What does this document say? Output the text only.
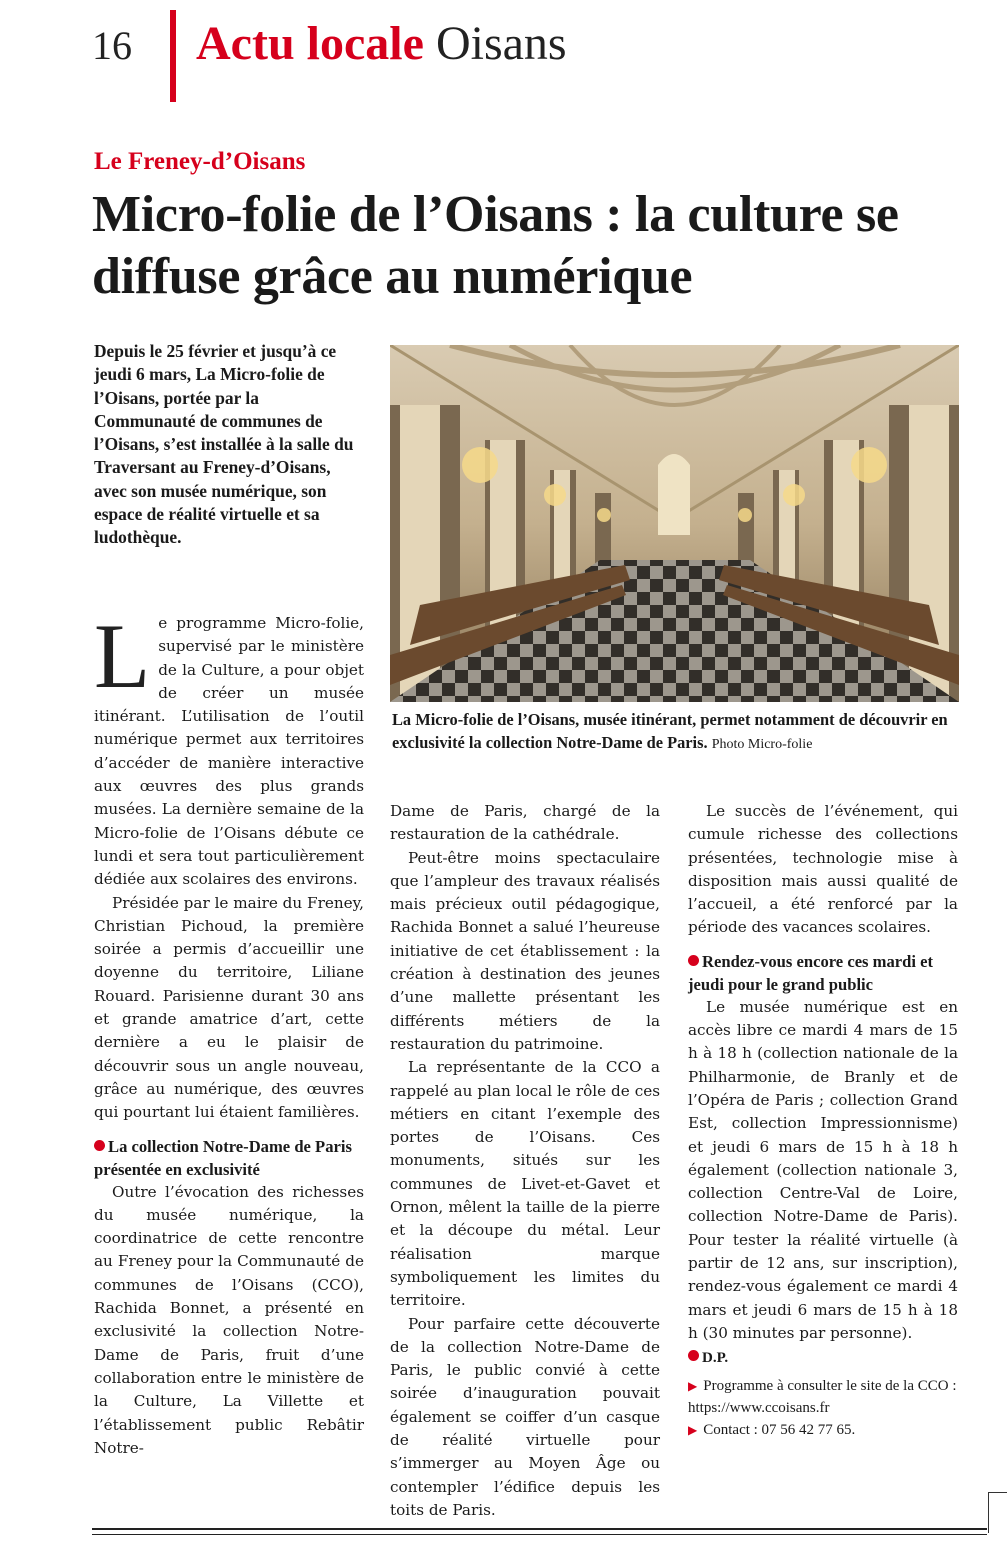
16 Actu locale Oisans
Le Freney-d’Oisans
Micro-folie de l’Oisans : la culture se diffuse grâce au numérique
Depuis le 25 février et jusqu’à ce jeudi 6 mars, La Micro-folie de l’Oisans, portée par la Communauté de communes de l’Oisans, s’est installée à la salle du Traversant au Freney-d’Oisans, avec son musée numérique, son espace de réalité virtuelle et sa ludothèque.

Le programme Micro-folie, supervisé par le ministère de la Culture, a pour objet de créer un musée itinérant. L’utilisation de l’outil numérique permet aux territoires d’accéder de manière interactive aux œuvres des plus grands musées. La dernière semaine de la Micro-folie de l’Oisans débute ce lundi et sera tout particulièrement dédiée aux scolaires des environs.

Présidée par le maire du Freney, Christian Pichoud, la première soirée a permis d’accueillir une doyenne du territoire, Liliane Rouard. Parisienne durant 30 ans et grande amatrice d’art, cette dernière a eu le plaisir de découvrir sous un angle nouveau, grâce au numérique, des œuvres qui pourtant lui étaient familières.

La collection Notre-Dame de Paris présentée en exclusivité

Outre l’évocation des richesses du musée numérique, la coordinatrice de cette rencontre au Freney pour la Communauté de communes de l’Oisans (CCO), Rachida Bonnet, a présenté en exclusivité la collection Notre-Dame de Paris, fruit d’une collaboration entre le ministère de la Culture, La Villette et l’établissement public Rebâtir Notre-

La Micro-folie de l’Oisans, musée itinérant, permet notamment de découvrir en exclusivité la collection Notre-Dame de Paris. Photo Micro-folie

Dame de Paris, chargé de la restauration de la cathédrale.

Peut-être moins spectaculaire que l’ampleur des travaux réalisés mais précieux outil pédagogique, Rachida Bonnet a salué l’heureuse initiative de cet établissement : la création à destination des jeunes d’une mallette présentant les différents métiers de la restauration du patrimoine.

La représentante de la CCO a rappelé au plan local le rôle de ces métiers en citant l’exemple des portes de l’Oisans. Ces monuments, situés sur les communes de Livet-et-Gavet et Ornon, mêlent la taille de la pierre et la découpe du métal. Leur réalisation marque symboliquement les limites du territoire.

Pour parfaire cette découverte de la collection Notre-Dame de Paris, le public convié à cette soirée d’inauguration pouvait également se coiffer d’un casque de réalité virtuelle pour s’immerger au Moyen Âge ou contempler l’édifice depuis les toits de Paris.

Le succès de l’événement, qui cumule richesse des collections présentées, technologie mise à disposition mais aussi qualité de l’accueil, a été renforcé par la période des vacances scolaires.

Rendez-vous encore ces mardi et jeudi pour le grand public

Le musée numérique est en accès libre ce mardi 4 mars de 15 h à 18 h (collection nationale de la Philharmonie, de Branly et de l’Opéra de Paris ; collection Grand Est, collection Impressionnisme) et jeudi 6 mars de 15 h à 18 h également (collection nationale 3, collection Centre-Val de Loire, collection Notre-Dame de Paris). Pour tester la réalité virtuelle (à partir de 12 ans, sur inscription), rendez-vous également ce mardi 4 mars et jeudi 6 mars de 15 h à 18 h (30 minutes par personne).

D.P.
▶ Programme à consulter le site de la CCO : https://www.ccoisans.fr
▶ Contact : 07 56 42 77 65.
